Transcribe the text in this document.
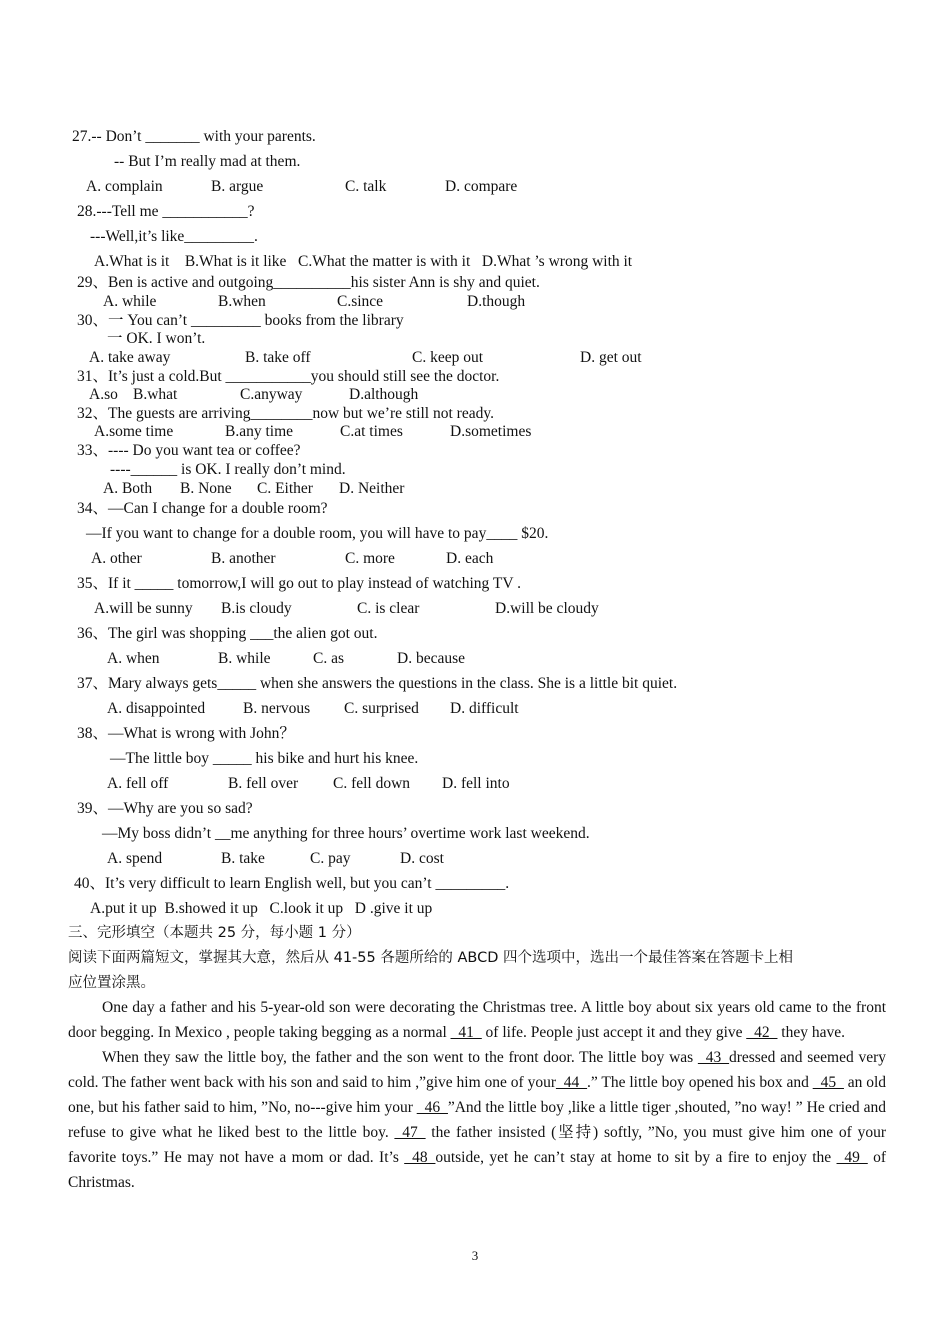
27.-- Don’t _______ with your parents.
-- But I’m really mad at them.
A. complain	B. argue	C. talk	D. compare
28.---Tell me ___________?
---Well,it’s like_________.
A.What is it    B.What is it like   C.What the matter is with it   D.What ’s wrong with it
29、Ben is active and outgoing__________his sister Ann is shy and quiet.
A. while	B.when	C.since	D.though
30、一 You can’t _________ books from the library
一 OK. I won’t.
A. take away	B. take off	C. keep out	D. get out
31、It’s just a cold.But ___________you should still see the doctor.
A.so B.what	C.anyway	D.although
32、The guests are arriving________now but we’re still not ready.
A.some time	B.any time	C.at times	D.sometimes
33、---- Do you want tea or coffee?
----______ is OK. I really don’t mind.
A. Both B. None C. Either D. Neither
34、—Can I change for a double room?
—If you want to change for a double room, you will have to pay____ $20.
A. other	B. another	C. more	D. each
35、If it _____ tomorrow,I will go out to play instead of watching TV .
A.will be sunny B.is cloudy	C. is clear	D.will be cloudy
36、The girl was shopping ___the alien got out.
A. when	B. while	C. as	D. because
37、Mary always gets_____ when she answers the questions in the class. She is a little bit quiet.
A. disappointed B. nervous C. surprised D. difficult
38、—What is wrong with John？
—The little boy _____ his bike and hurt his knee.
A. fell off	B. fell over C. fell down D. fell into
39、—Why are you so sad?
—My boss didn’t __me anything for three hours’ overtime work last weekend.
A. spend	B. take	C. pay	D. cost
40、It’s very difficult to learn English well, but you can’t _________.
A.put it up  B.showed it up   C.look it up   D .give it up
三、完形填空（本题共 25 分，每小题 1 分）
阅读下面两篇短文，掌握其大意，然后从 41-55 各题所给的 ABCD 四个选项中，选出一个最佳答案在答题卡上相
应位置涂黑。

One day a father and his 5-year-old son were decorating the Christmas tree. A little boy about six years old came to the front door begging. In Mexico , people taking begging as a normal _41_ of life. People just accept it and they give _42_ they have.

When they saw the little boy, the father and the son went to the front door. The little boy was _43_dressed and seemed very cold. The father went back with his son and said to him ,”give him one of your_44_.” The little boy opened his box and _45_ an old one, but his father said to him, ”No, no---give him your _46_”And the little boy ,like a little tiger ,shouted, ”no way! ” He cried and refuse to give what he liked best to the little boy. _47_ the father insisted (坚持) softly, ”No, you must give him one of your favorite toys.” He may not have a mom or dad. It’s _48_outside, yet he can’t stay at home to sit by a fire to enjoy the _49_ of Christmas.

3
